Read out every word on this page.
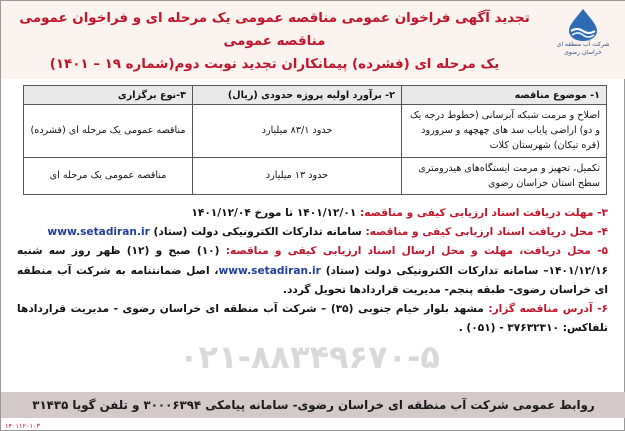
شرکت آب منطقه ای خراسان رضوی
تجدید آگهی فراخوان عمومی مناقصه عمومی یک مرحله ای و فراخوان عمومی مناقصه عمومی
یک مرحله ای (فشرده) پیمانکاران تجدید نوبت دوم(شماره ۱۹ – ۱۴۰۱)
۱- موضوع مناقصه	۲- برآورد اولیه پروژه حدودی (ریال)	۳-نوع برگزاری
اصلاح و مرمت شبکه آبرسانی (خطوط درجه یک و دو) اراضی پایاب سد های چهچهه و سرورود (قره تیکان) شهرستان کلات	حدود ۸۳/۱ میلیارد	مناقصه عمومی یک مرحله ای (فشرده)
تکمیل، تجهیز و مرمت ایستگاه‌های هیدرومتری سطح استان خراسان رضوی	حدود ۱۳ میلیارد	مناقصه عمومی یک مرحله ای
۰۲۱-۸۸۳۴۹۶۷۰-۵

۳- مهلت دریافت اسناد ارزیابی کیفی و مناقصه: ۱۴۰۱/۱۲/۰۱ تا مورخ ۱۴۰۱/۱۲/۰۴

۴- محل دریافت اسناد ارزیابی کیفی و مناقصه: سامانه تدارکات الکترونیکی دولت (ستاد) www.setadiran.ir

۵- محل دریافت، مهلت و محل ارسال اسناد ارزیابی کیفی و مناقصه: (۱۰) صبح و (۱۲) ظهر روز سه شنبه ۱۴۰۱/۱۲/۱۶– سامانه تدارکات الکترونیکی دولت (ستاد) www.setadiran.ir، اصل ضمانتنامه به شرکت آب منطقه ای خراسان رضوی- طبقه پنجم- مدیریت قراردادها تحویل گردد.

۶- آدرس مناقصه گزار: مشهد بلوار خیام جنوبی (۳۵) – شرکت آب منطقه ای خراسان رضوی - مدیریت قراردادها تلفاکس: ۳۷۶۳۲۳۱۰ - (۰۵۱) .

روابط عمومی شرکت آب منطقه ای خراسان رضوی- سامانه پیامکی ۳۰۰۰۶۳۹۴ و تلفن گویا ۳۱۴۳۵
۱۴۰۱۱۲۰۱۰۳
